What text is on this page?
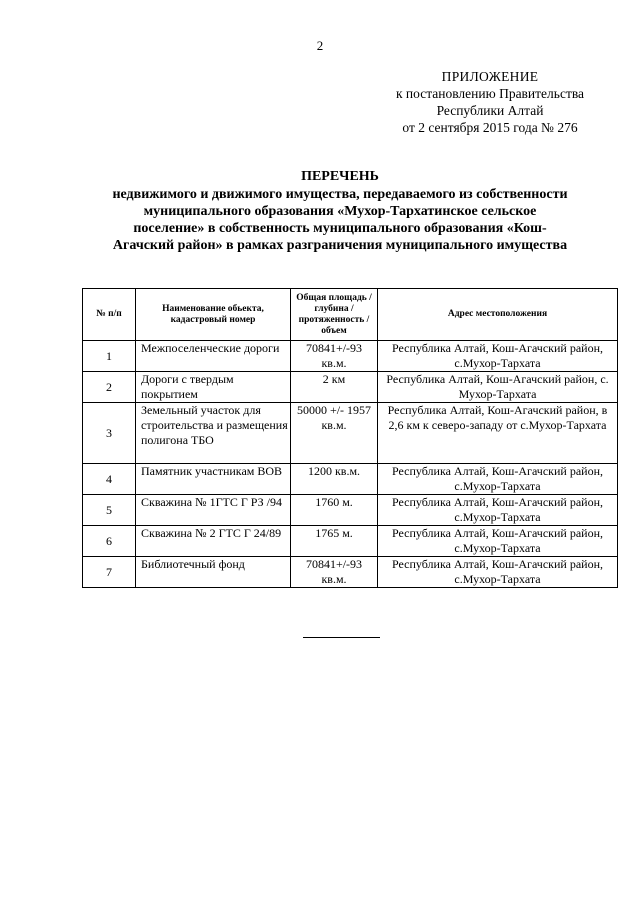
2
ПРИЛОЖЕНИЕ
к постановлению Правительства
Республики Алтай
от 2 сентября 2015 года № 276
ПЕРЕЧЕНЬ
недвижимого и движимого имущества, передаваемого из собственности
муниципального образования «Мухор-Тархатинское сельское
поселение» в собственность муниципального образования «Кош-
Агачский район» в рамках разграничения муниципального имущества
№ п/п	Наименование обьекта, кадастровый номер	Общая площадь / глубина / протяженность / объем	Адрес местоположения
1	Межпоселенческие дороги	70841+/-93 кв.м.	Республика Алтай, Кош-Агачский район, с.Мухор-Тархата
2	Дороги с твердым покрытием	2 км	Республика Алтай, Кош-Агачский район, с. Мухор-Тархата
3	Земельный участок для строительства и размещения полигона ТБО	50000 +/- 1957 кв.м.	Республика Алтай, Кош-Агачский район, в 2,6 км к северо-западу от с.Мухор-Тархата
4	Памятник участникам ВОВ	1200 кв.м.	Республика Алтай, Кош-Агачский район, с.Мухор-Тархата
5	Скважина № 1ГТС Г РЗ /94	1760 м.	Республика Алтай, Кош-Агачский район, с.Мухор-Тархата
6	Скважина № 2 ГТС Г 24/89	1765 м.	Республика Алтай, Кош-Агачский район, с.Мухор-Тархата
7	Библиотечный фонд	70841+/-93 кв.м.	Республика Алтай, Кош-Агачский район, с.Мухор-Тархата
